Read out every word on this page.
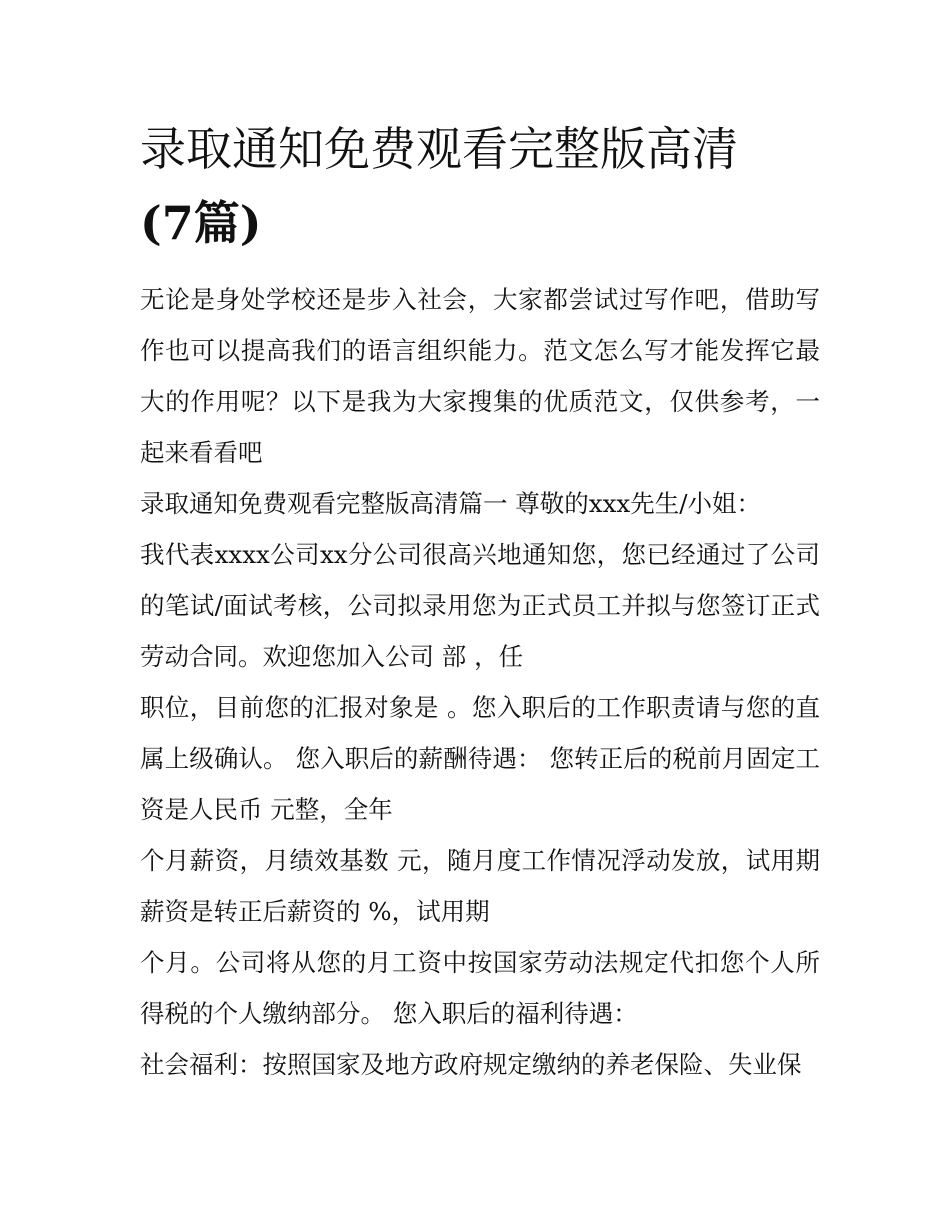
录取通知免费观看完整版高清
(7篇)

无论是身处学校还是步入社会，大家都尝试过写作吧，借助写作也可以提高我们的语言组织能力。范文怎么写才能发挥它最大的作用呢？以下是我为大家搜集的优质范文，仅供参考，一起来看看吧

录取通知免费观看完整版高清篇一 尊敬的xxx先生/小姐：

我代表xxxx公司xx分公司很高兴地通知您，您已经通过了公司的笔试/面试考核，公司拟录用您为正式员工并拟与您签订正式劳动合同。欢迎您加入公司 部 ，任

职位，目前您的汇报对象是 。您入职后的工作职责请与您的直属上级确认。 您入职后的薪酬待遇： 您转正后的税前月固定工资是人民币 元整，全年

个月薪资，月绩效基数 元，随月度工作情况浮动发放，试用期薪资是转正后薪资的 %，试用期

个月。公司将从您的月工资中按国家劳动法规定代扣您个人所得税的个人缴纳部分。 您入职后的福利待遇：

社会福利：按照国家及地方政府规定缴纳的养老保险、失业保
